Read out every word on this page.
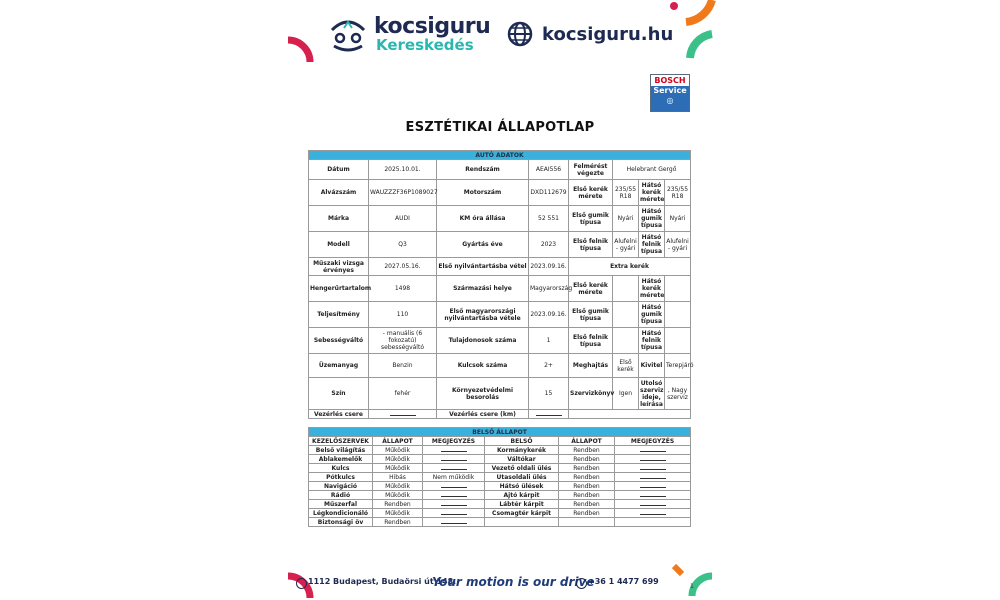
kocsiguru
Kereskedés	kocsiguru.hu
BOSCH
Service
◎
ESZTÉTIKAI ÁLLAPOTLAP
AUTÓ ADATOK							
Dátum	2025.10.01.	Rendszám	AEAI556	Felmérést végezte	Helebrant Gergő		
Alvázszám	WAUZZZF36P1089027	Motorszám	DXD112679	Első kerék mérete	235/55 R18	Hátsó kerék mérete	235/55 R18
Márka	AUDI	KM óra állása	52 551	Első gumik típusa	Nyári	Hátsó gumik típusa	Nyári
Modell	Q3	Gyártás éve	2023	Első felnik típusa	Alufelni - gyári	Hátsó felnik típusa	Alufelni - gyári
Műszaki vizsga érvényes	2027.05.16.	Első nyilvántartásba vétel	2023.09.16.	Extra kerék			
Hengerűrtartalom	1498	Származási helye	Magyarország	Első kerék mérete		Hátsó kerék mérete	
Teljesítmény	110	Első magyarországi nyilvántartásba vétele	2023.09.16.	Első gumik típusa		Hátsó gumik típusa	
Sebességváltó	- manuális (6 fokozatú) sebességváltó	Tulajdonosok száma	1	Első felnik típusa		Hátsó felnik típusa	
Üzemanyag	Benzin	Kulcsok száma	2+	Meghajtás	Első kerék	Kivitel	Terepjáró
Szín	fehér	Környezetvédelmi besorolás	15	Szervizkönyv	Igen	Utolsó szerviz ideje, leírása	, Nagy szerviz
Vezérlés csere		Vezérlés csere (km)					
BELSŐ ÁLLAPOT					
KEZELŐSZERVEK	ÁLLAPOT	MEGJEGYZÉS	BELSŐ	ÁLLAPOT	MEGJEGYZÉS
Belső világítás	Működik		Kormánykerék	Rendben	
Ablakemelők	Működik		Váltókar	Rendben	
Kulcs	Működik		Vezető oldali ülés	Rendben	
Pótkulcs	Hibás	Nem működik	Utasoldali ülés	Rendben	
Navigáció	Működik		Hátsó ülések	Rendben	
Rádió	Működik		Ajtó kárpit	Rendben	
Műszerfal	Rendben		Lábtér kárpit	Rendben	
Légkondicionáló	Működik		Csomagtér kárpit	Rendben	
Biztonsági öv	Rendben				
1112 Budapest, Budaörsi út 148.
Your motion is our drive
+36 1 4477 699
1
